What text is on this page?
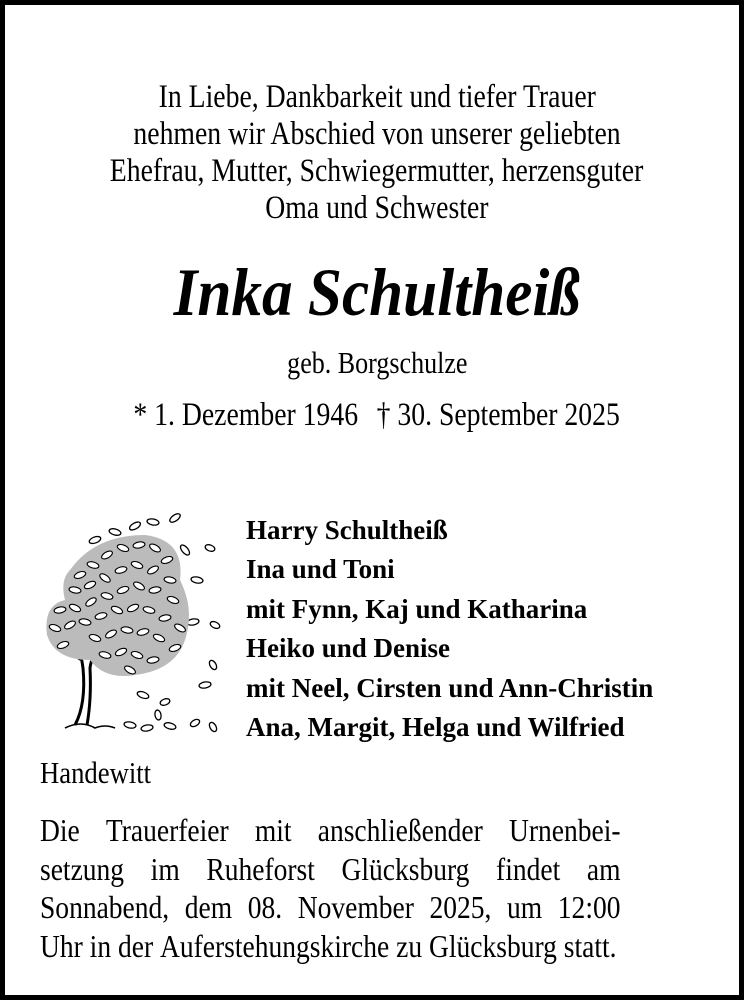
In Liebe, Dankbarkeit und tiefer Trauer
nehmen wir Abschied von unserer geliebten
Ehefrau, Mutter, Schwiegermutter, herzensguter
Oma und Schwester
Inka Schultheiß
geb. Borgschulze
* 1. Dezember 1946 † 30. September 2025
Harry Schultheiß
Ina und Toni
mit Fynn, Kaj und Katharina
Heiko und Denise
mit Neel, Cirsten und Ann-Christin
Ana, Margit, Helga und Wilfried
Handewitt
Die Trauerfeier mit anschließender Urnenbei-
setzung im Ruheforst Glücksburg findet am
Sonnabend, dem 08. November 2025, um 12:00
Uhr in der Auferstehungskirche zu Glücksburg statt.
